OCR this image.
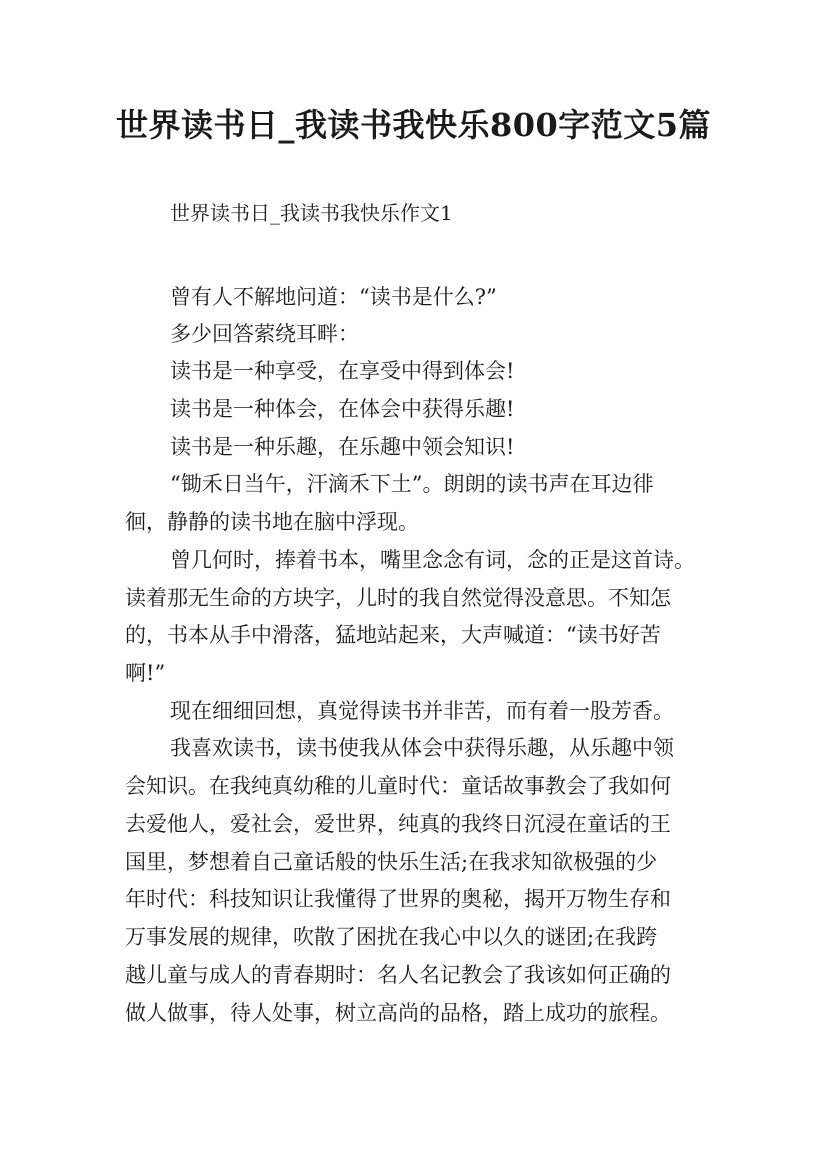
世界读书日_我读书我快乐800字范文5篇
世界读书日_我读书我快乐作文1
曾有人不解地问道：“读书是什么?”
多少回答萦绕耳畔：
读书是一种享受，在享受中得到体会!
读书是一种体会，在体会中获得乐趣!
读书是一种乐趣，在乐趣中领会知识!
“锄禾日当午，汗滴禾下土”。朗朗的读书声在耳边徘
徊，静静的读书地在脑中浮现。
曾几何时，捧着书本，嘴里念念有词，念的正是这首诗。
读着那无生命的方块字，儿时的我自然觉得没意思。不知怎
的，书本从手中滑落，猛地站起来，大声喊道：“读书好苦
啊!”
现在细细回想，真觉得读书并非苦，而有着一股芳香。
我喜欢读书，读书使我从体会中获得乐趣，从乐趣中领
会知识。在我纯真幼稚的儿童时代：童话故事教会了我如何
去爱他人，爱社会，爱世界，纯真的我终日沉浸在童话的王
国里，梦想着自己童话般的快乐生活;在我求知欲极强的少
年时代：科技知识让我懂得了世界的奥秘，揭开万物生存和
万事发展的规律，吹散了困扰在我心中以久的谜团;在我跨
越儿童与成人的青春期时：名人名记教会了我该如何正确的
做人做事，待人处事，树立高尚的品格，踏上成功的旅程。
